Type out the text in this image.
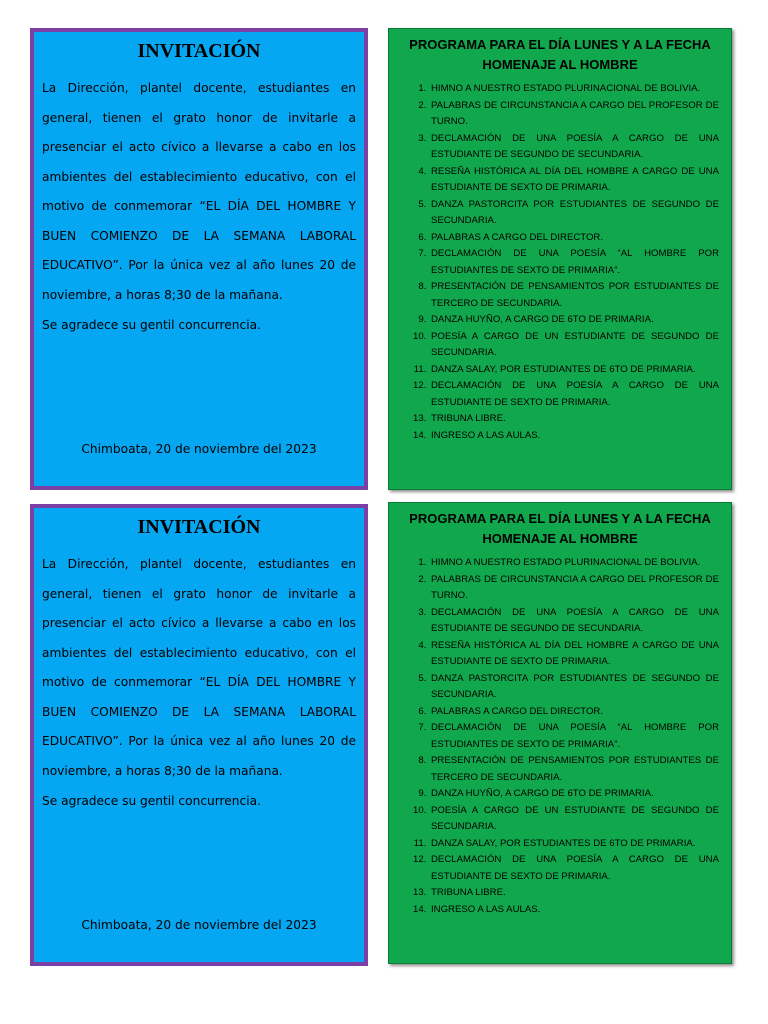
INVITACIÓN
La Dirección, plantel docente, estudiantes en general, tienen el grato honor de invitarle a presenciar el acto cívico a llevarse a cabo en los ambientes del establecimiento educativo, con el motivo de conmemorar “EL DÍA DEL HOMBRE Y BUEN COMIENZO DE LA SEMANA LABORAL EDUCATIVO”. Por la única vez al año lunes 20 de noviembre, a horas 8;30 de la mañana.
Se agradece su gentil concurrencia.
Chimboata, 20 de noviembre del 2023
PROGRAMA PARA EL DÍA LUNES Y A LA FECHA HOMENAJE AL HOMBRE
1. HIMNO A NUESTRO ESTADO PLURINACIONAL DE BOLIVIA.
2. PALABRAS DE CIRCUNSTANCIA A CARGO DEL PROFESOR DE TURNO.
3. DECLAMACIÓN DE UNA POESÍA A CARGO DE UNA ESTUDIANTE DE SEGUNDO DE SECUNDARIA.
4. RESEÑA HISTÓRICA AL DÍA DEL HOMBRE A CARGO DE UNA ESTUDIANTE DE SEXTO DE PRIMARIA.
5. DANZA PASTORCITA POR ESTUDIANTES DE SEGUNDO DE SECUNDARIA.
6. PALABRAS A CARGO DEL DIRECTOR.
7. DECLAMACIÓN DE UNA POESÍA “AL HOMBRE POR ESTUDIANTES DE SEXTO DE PRIMARIA”.
8. PRESENTACIÓN DE PENSAMIENTOS POR ESTUDIANTES DE TERCERO DE SECUNDARIA.
9. DANZA HUYÑO, A CARGO DE 6TO DE PRIMARIA.
10. POESÍA A CARGO DE UN ESTUDIANTE DE SEGUNDO DE SECUNDARIA.
11. DANZA SALAY, POR ESTUDIANTES DE 6TO DE PRIMARIA.
12. DECLAMACIÓN DE UNA POESÍA A CARGO DE UNA ESTUDIANTE DE SEXTO DE PRIMARIA.
13. TRIBUNA LIBRE.
14. INGRESO A LAS AULAS.
INVITACIÓN
La Dirección, plantel docente, estudiantes en general, tienen el grato honor de invitarle a presenciar el acto cívico a llevarse a cabo en los ambientes del establecimiento educativo, con el motivo de conmemorar “EL DÍA DEL HOMBRE Y BUEN COMIENZO DE LA SEMANA LABORAL EDUCATIVO”. Por la única vez al año lunes 20 de noviembre, a horas 8;30 de la mañana.
Se agradece su gentil concurrencia.
Chimboata, 20 de noviembre del 2023
PROGRAMA PARA EL DÍA LUNES Y A LA FECHA HOMENAJE AL HOMBRE
1. HIMNO A NUESTRO ESTADO PLURINACIONAL DE BOLIVIA.
2. PALABRAS DE CIRCUNSTANCIA A CARGO DEL PROFESOR DE TURNO.
3. DECLAMACIÓN DE UNA POESÍA A CARGO DE UNA ESTUDIANTE DE SEGUNDO DE SECUNDARIA.
4. RESEÑA HISTÓRICA AL DÍA DEL HOMBRE A CARGO DE UNA ESTUDIANTE DE SEXTO DE PRIMARIA.
5. DANZA PASTORCITA POR ESTUDIANTES DE SEGUNDO DE SECUNDARIA.
6. PALABRAS A CARGO DEL DIRECTOR.
7. DECLAMACIÓN DE UNA POESÍA “AL HOMBRE POR ESTUDIANTES DE SEXTO DE PRIMARIA”.
8. PRESENTACIÓN DE PENSAMIENTOS POR ESTUDIANTES DE TERCERO DE SECUNDARIA.
9. DANZA HUYÑO, A CARGO DE 6TO DE PRIMARIA.
10. POESÍA A CARGO DE UN ESTUDIANTE DE SEGUNDO DE SECUNDARIA.
11. DANZA SALAY, POR ESTUDIANTES DE 6TO DE PRIMARIA.
12. DECLAMACIÓN DE UNA POESÍA A CARGO DE UNA ESTUDIANTE DE SEXTO DE PRIMARIA.
13. TRIBUNA LIBRE.
14. INGRESO A LAS AULAS.
